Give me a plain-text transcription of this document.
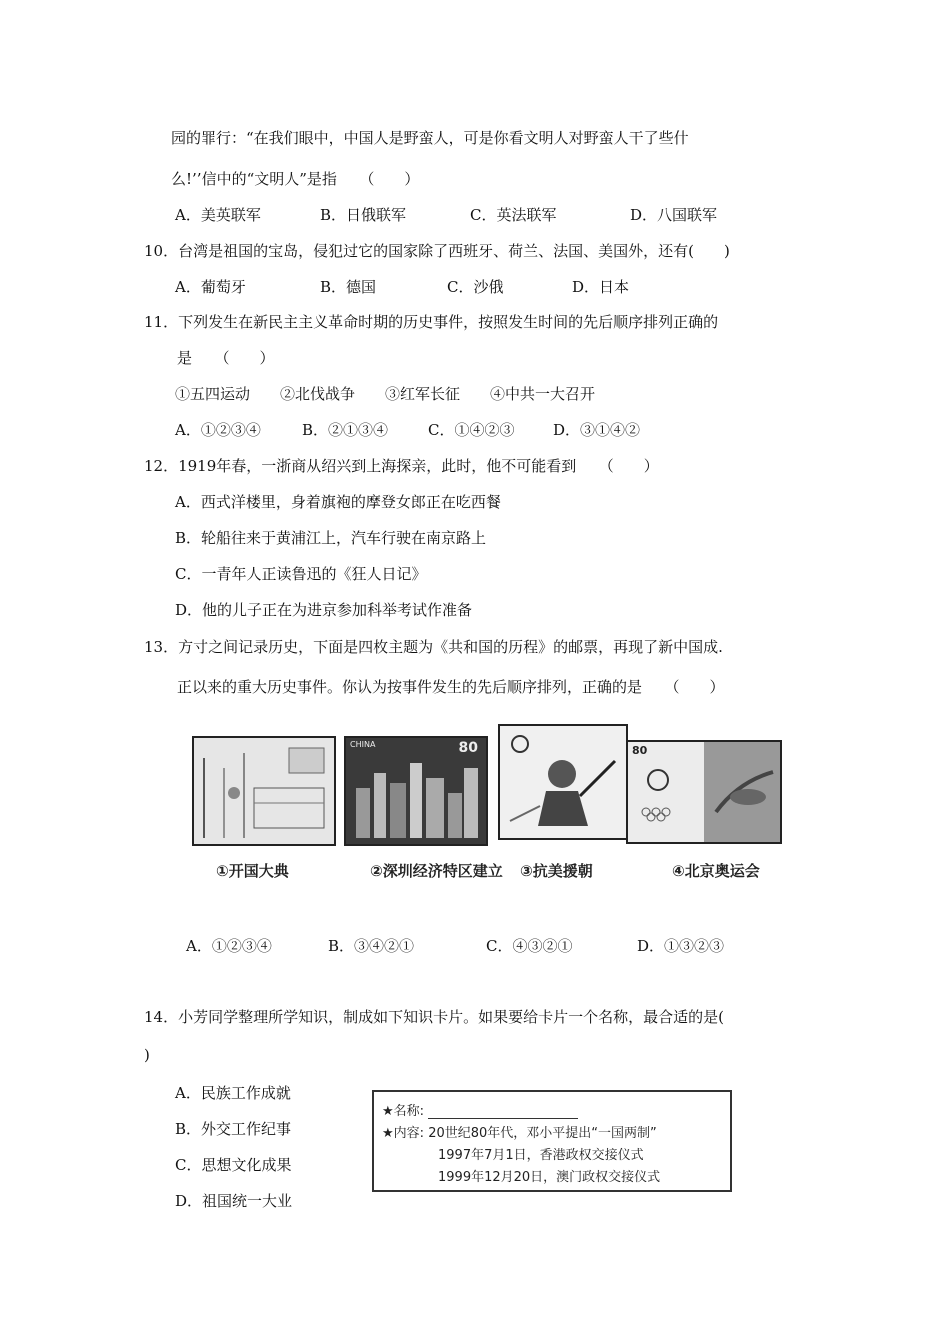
园的罪行：“在我们眼中，中国人是野蛮人，可是你看文明人对野蛮人干了些什
么!’’信中的“文明人”是指　　（　　）
A．美英联军	B．日俄联军	C．英法联军	D．八国联军
10．台湾是祖国的宝岛，侵犯过它的国家除了西班牙、荷兰、法国、美国外，还有(　　)
A．葡萄牙	B．德国	C．沙俄	D．日本
11．下列发生在新民主主义革命时期的历史事件，按照发生时间的先后顺序排列正确的
是　　（　　）
①五四运动　　②北伐战争　　③红军长征　　④中共一大召开
A．①②③④	B．②①③④	C．①④②③	D．③①④②
12．1919年春，一浙商从绍兴到上海探亲，此时，他不可能看到　　（　　）
A．西式洋楼里，身着旗袍的摩登女郎正在吃西餐
B．轮船往来于黄浦江上，汽车行驶在南京路上
C．一青年人正读鲁迅的《狂人日记》
D．他的儿子正在为进京参加科举考试作准备
13．方寸之间记录历史，下面是四枚主题为《共和国的历程》的邮票，再现了新中国成.
正以来的重大历史事件。你认为按事件发生的先后顺序排列，正确的是　　（　　）
CHINA	80	80
①开国大典	②深圳经济特区建立 ③抗美援朝	④北京奥运会
A．①②③④	B．③④②①	C．④③②①	D．①③②③
14．小芳同学整理所学知识，制成如下知识卡片。如果要给卡片一个名称，最合适的是(
)
A．民族工作成就
B．外交工作纪事
C．思想文化成果
D．祖国统一大业
★名称:
★内容: 20世纪80年代，邓小平提出“一国两制”
1997年7月1日，香港政权交接仪式
1999年12月20日，澳门政权交接仪式
